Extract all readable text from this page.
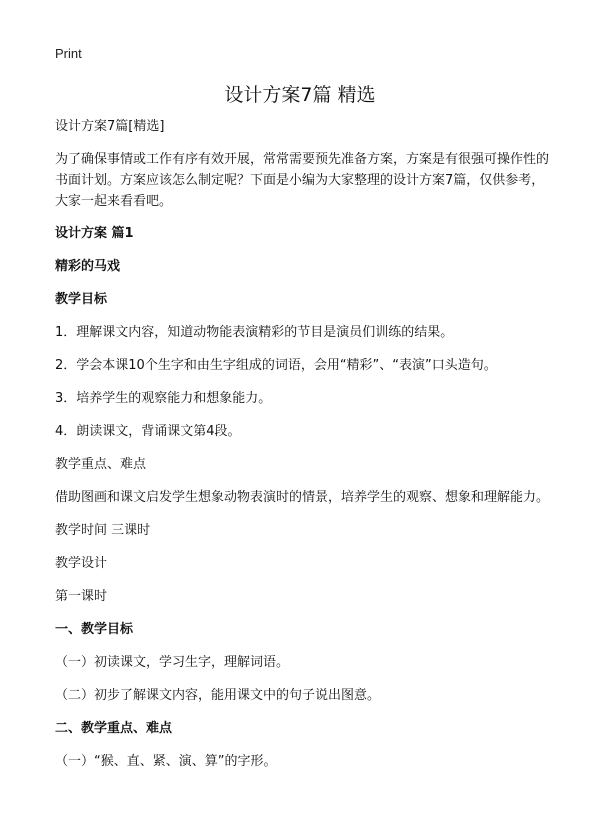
Print
设计方案7篇 精选

设计方案7篇[精选]

为了确保事情或工作有序有效开展，常常需要预先准备方案，方案是有很强可操作性的书面计划。方案应该怎么制定呢？下面是小编为大家整理的设计方案7篇，仅供参考，大家一起来看看吧。

设计方案 篇1

精彩的马戏

教学目标

1．理解课文内容，知道动物能表演精彩的节目是演员们训练的结果。

2．学会本课10个生字和由生字组成的词语，会用“精彩”、“表演”口头造句。

3．培养学生的观察能力和想象能力。

4．朗读课文，背诵课文第4段。

教学重点、难点

借助图画和课文启发学生想象动物表演时的情景，培养学生的观察、想象和理解能力。

教学时间 三课时

教学设计

第一课时

一、教学目标

（一）初读课文，学习生字，理解词语。

（二）初步了解课文内容，能用课文中的句子说出图意。

二、教学重点、难点

（一）“猴、直、紧、演、算”的字形。
